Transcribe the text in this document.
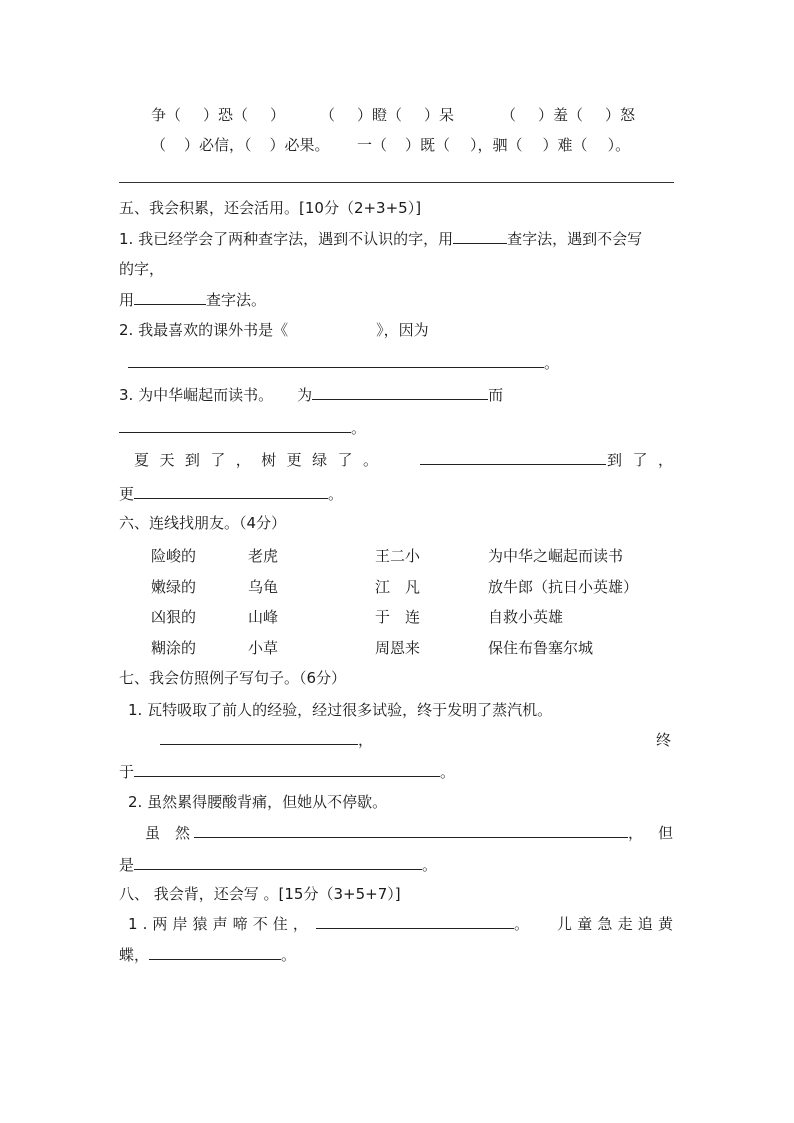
争（ ）恐（ ） （ ）瞪（ ）呆	（ ）羞（ ）怒
（ ）必信，（ ）必果。 一（ ）既（ ），驷（ ）难（ ）。
五、我会积累，还会活用。[10分（2+3+5）]
1. 我已经学会了两种查字法，遇到不认识的字，用	查字法，遇到不会写
的字，
用	查字法。
2. 我最喜欢的课外书是《	》，因为
。
3. 为中华崛起而读书。 为	而
。
夏 天 到 了 ， 树 更 绿 了 。	到 了 ，
更	。
六、连线找朋友。（4分）
险峻的	老虎	王二小	为中华之崛起而读书
嫩绿的	乌龟	江　凡	放牛郎（抗日小英雄）
凶狠的	山峰	于　连	自救小英雄
糊涂的	小草	周恩来	保住布鲁塞尔城
七、我会仿照例子写句子。（6分）
1. 瓦特吸取了前人的经验，经过很多试验，终于发明了蒸汽机。
，	终
于	。
2. 虽然累得腰酸背痛，但她从不停歇。
虽　然	， 但
是	。
八、 我会背，还会写 。[15分（3+5+7）]
1 . 两 岸 猿 声 啼 不 住 ，	。 儿 童 急 走 追 黄
蝶，	。
